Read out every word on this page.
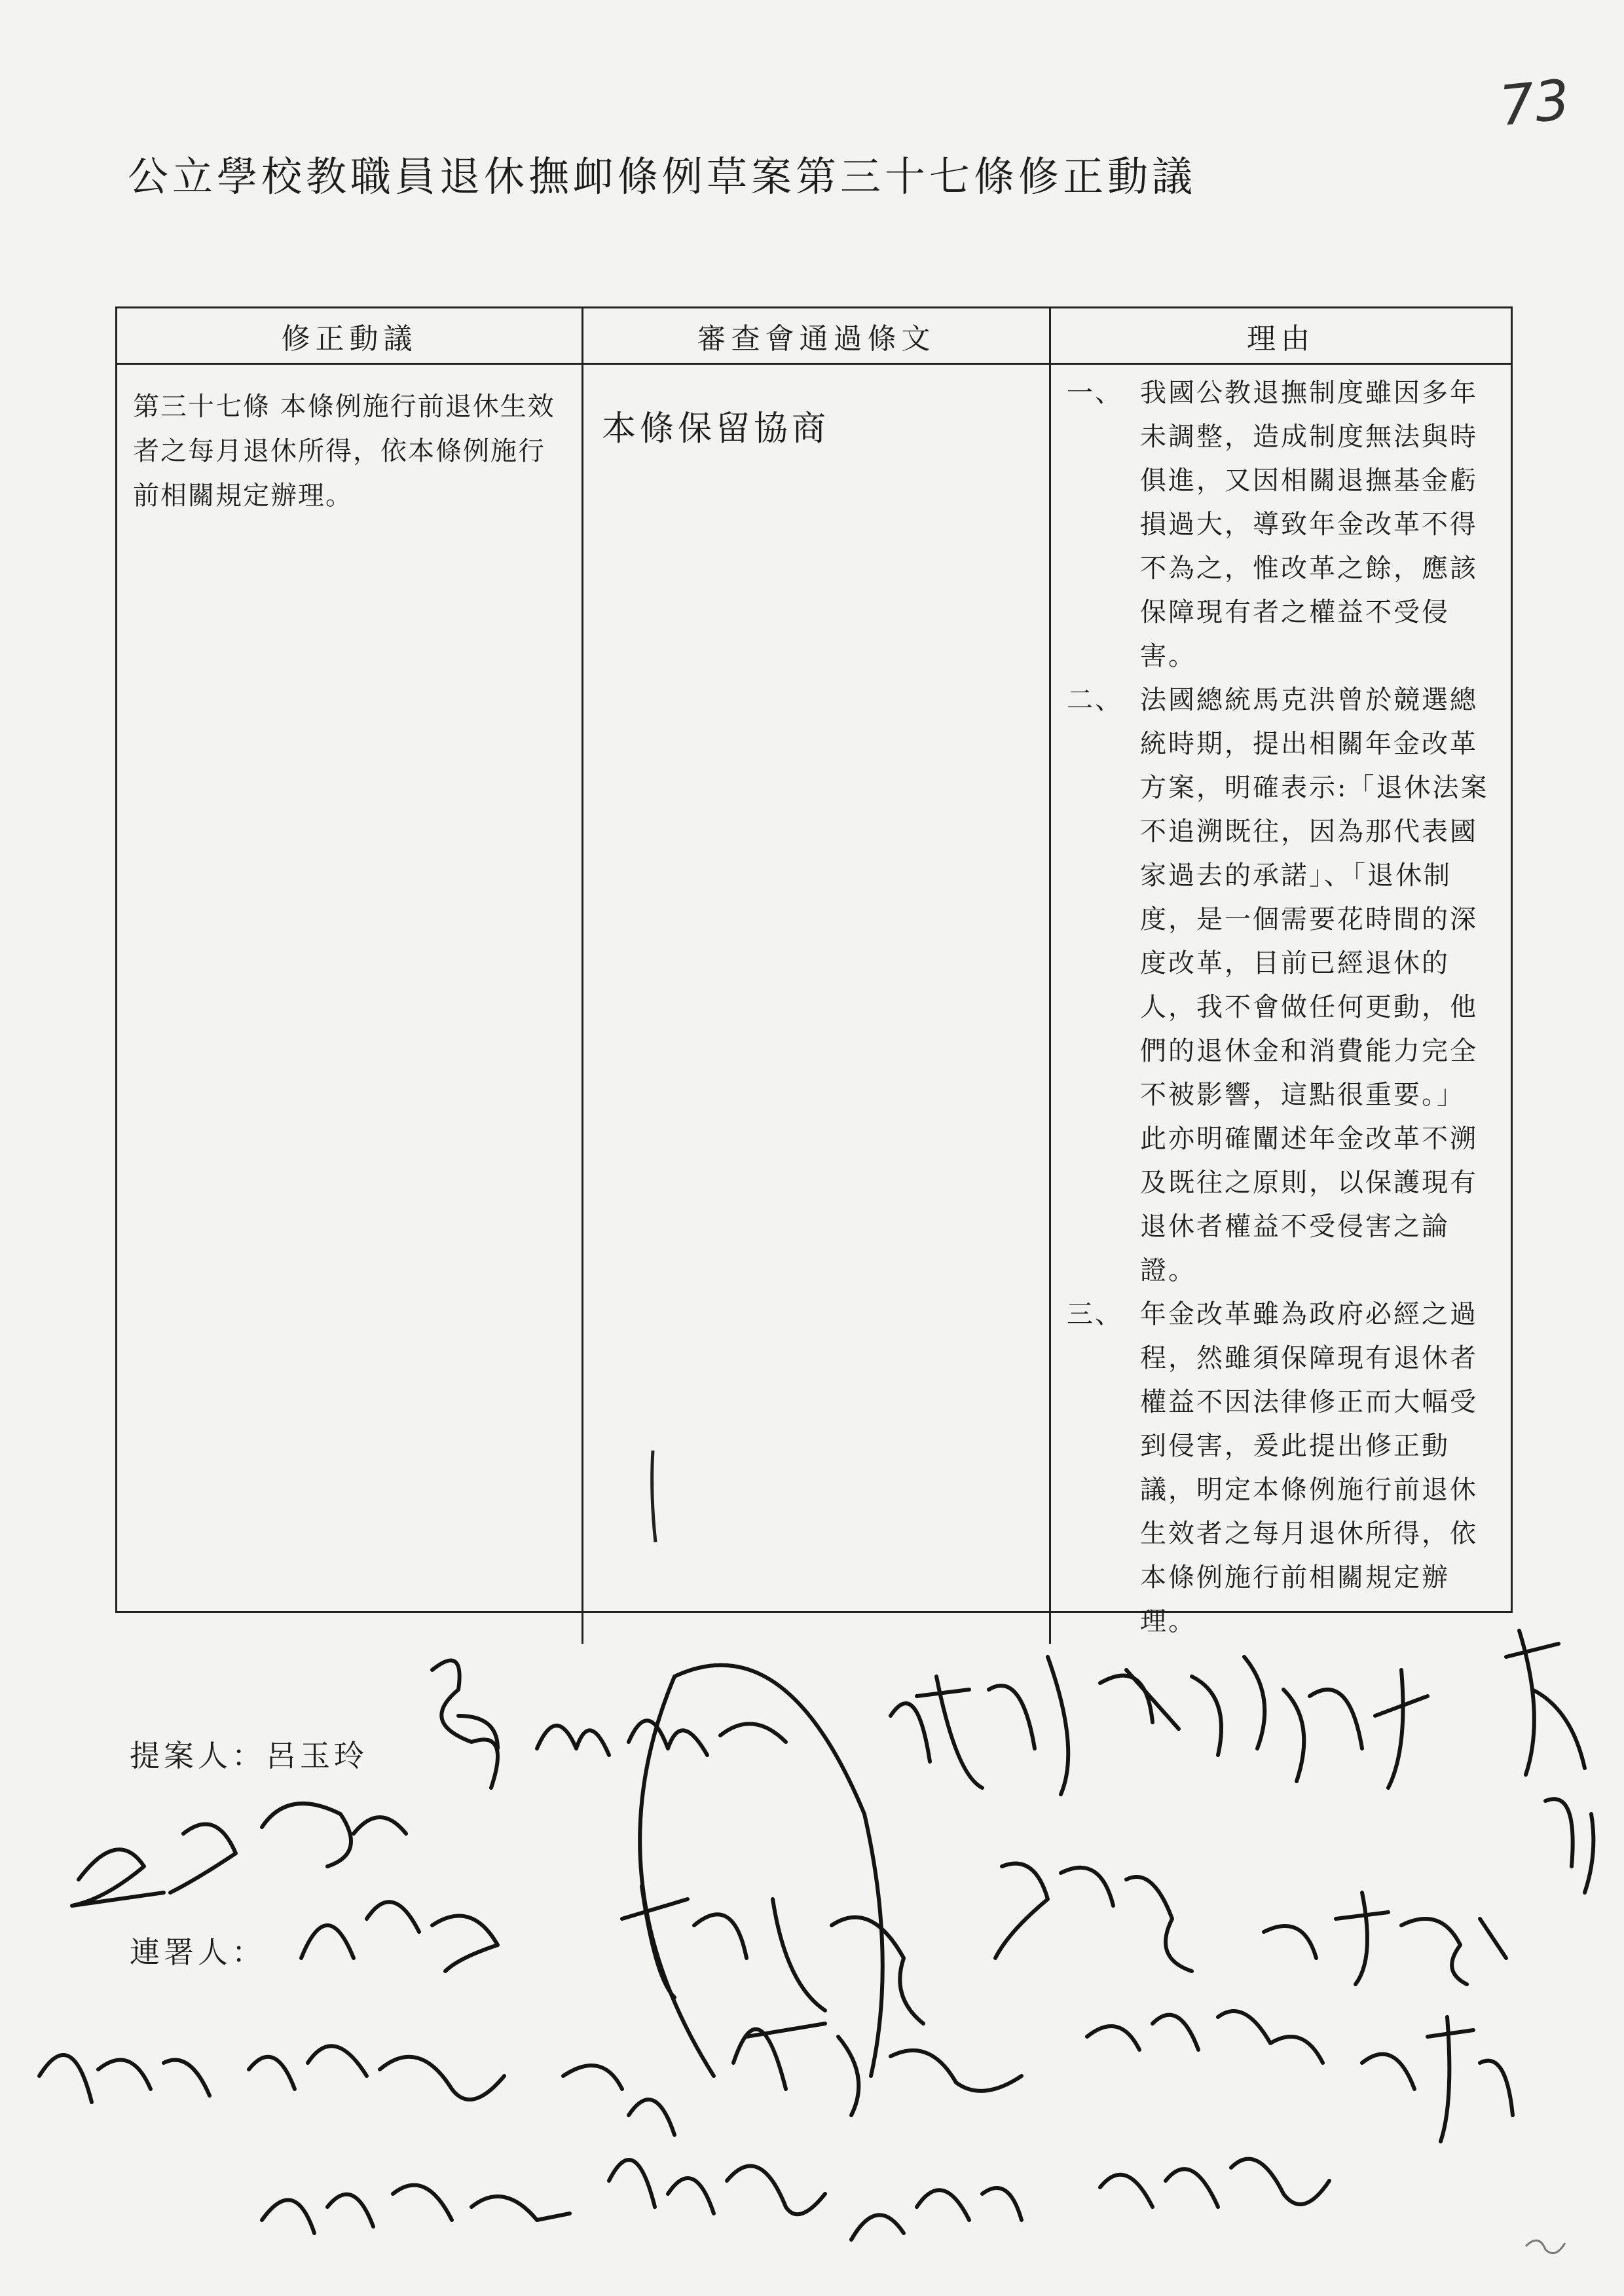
73
公立學校教職員退休撫卹條例草案第三十七條修正動議
修正動議	審查會通過條文	理由
第三十七條 本條例施行前退休生效者之每月退休所得，依本條例施行前相關規定辦理。
本條保留協商
一、 我國公教退撫制度雖因多年未調整，造成制度無法與時俱進，又因相關退撫基金虧損過大，導致年金改革不得不為之，惟改革之餘，應該保障現有者之權益不受侵害。
二、 法國總統馬克洪曾於競選總統時期，提出相關年金改革方案，明確表示:「退休法案不追溯既往，因為那代表國家過去的承諾」、「退休制度，是一個需要花時間的深度改革，目前已經退休的人，我不會做任何更動，他們的退休金和消費能力完全不被影響，這點很重要。」此亦明確闡述年金改革不溯及既往之原則，以保護現有退休者權益不受侵害之論證。
三、 年金改革雖為政府必經之過程，然雖須保障現有退休者權益不因法律修正而大幅受到侵害，爰此提出修正動議，明定本條例施行前退休生效者之每月退休所得，依本條例施行前相關規定辦理。
提案人：呂玉玲
連署人：
